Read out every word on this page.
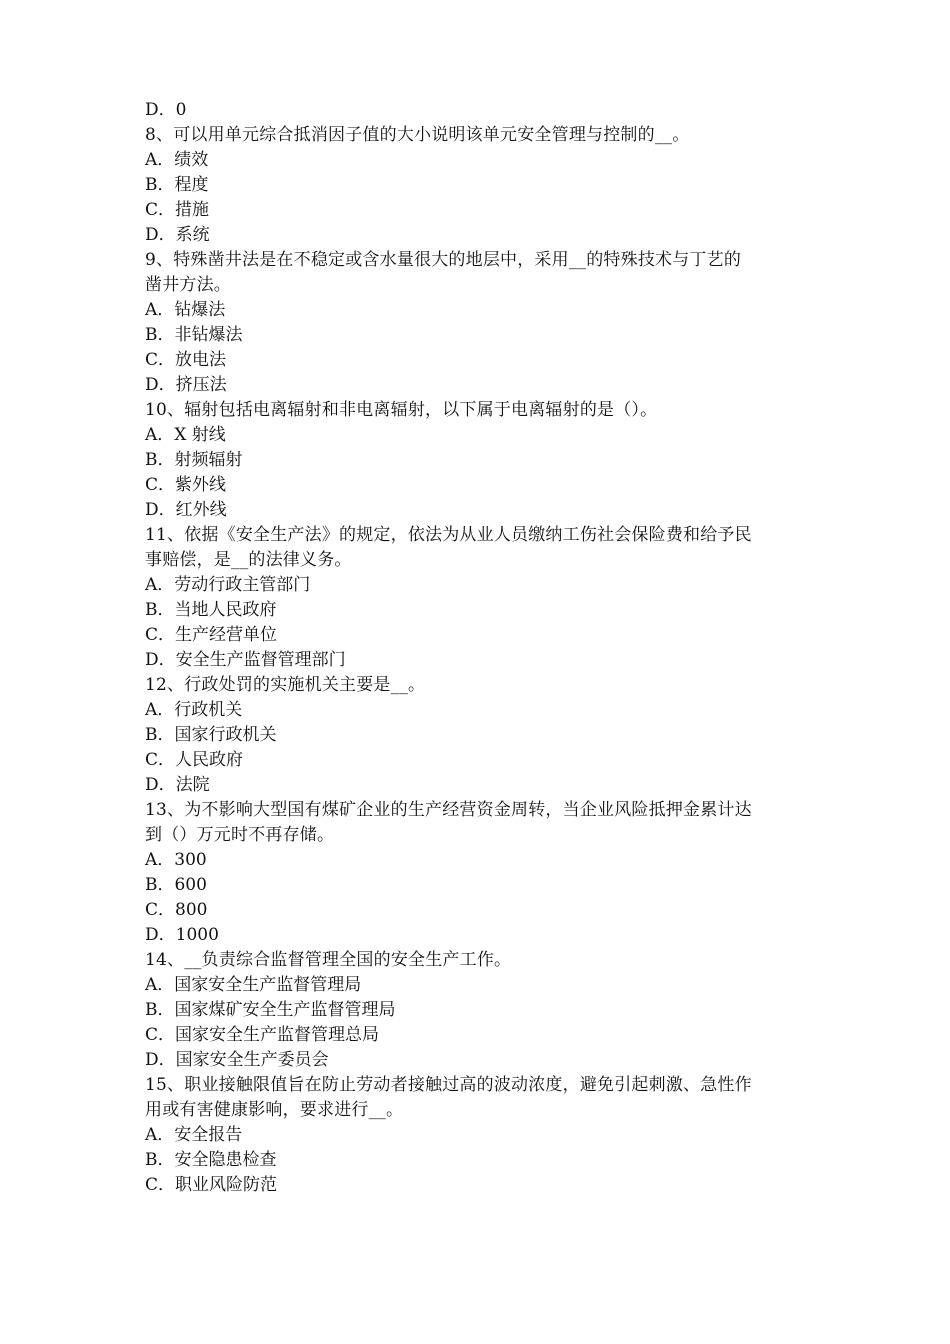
D．0
8、可以用单元综合抵消因子值的大小说明该单元安全管理与控制的__。
A．绩效
B．程度
C．措施
D．系统
9、特殊凿井法是在不稳定或含水量很大的地层中，采用__的特殊技术与丁艺的
凿井方法。
A．钻爆法
B．非钻爆法
C．放电法
D．挤压法
10、辐射包括电离辐射和非电离辐射，以下属于电离辐射的是（）。
A．X 射线
B．射频辐射
C．紫外线
D．红外线
11、依据《安全生产法》的规定，依法为从业人员缴纳工伤社会保险费和给予民
事赔偿，是__的法律义务。
A．劳动行政主管部门
B．当地人民政府
C．生产经营单位
D．安全生产监督管理部门
12、行政处罚的实施机关主要是__。
A．行政机关
B．国家行政机关
C．人民政府
D．法院
13、为不影响大型国有煤矿企业的生产经营资金周转，当企业风险抵押金累计达
到（）万元时不再存储。
A．300
B．600
C．800
D．1000
14、__负责综合监督管理全国的安全生产工作。
A．国家安全生产监督管理局
B．国家煤矿安全生产监督管理局
C．国家安全生产监督管理总局
D．国家安全生产委员会
15、职业接触限值旨在防止劳动者接触过高的波动浓度，避免引起刺激、急性作
用或有害健康影响，要求进行__。
A．安全报告
B．安全隐患检查
C．职业风险防范
